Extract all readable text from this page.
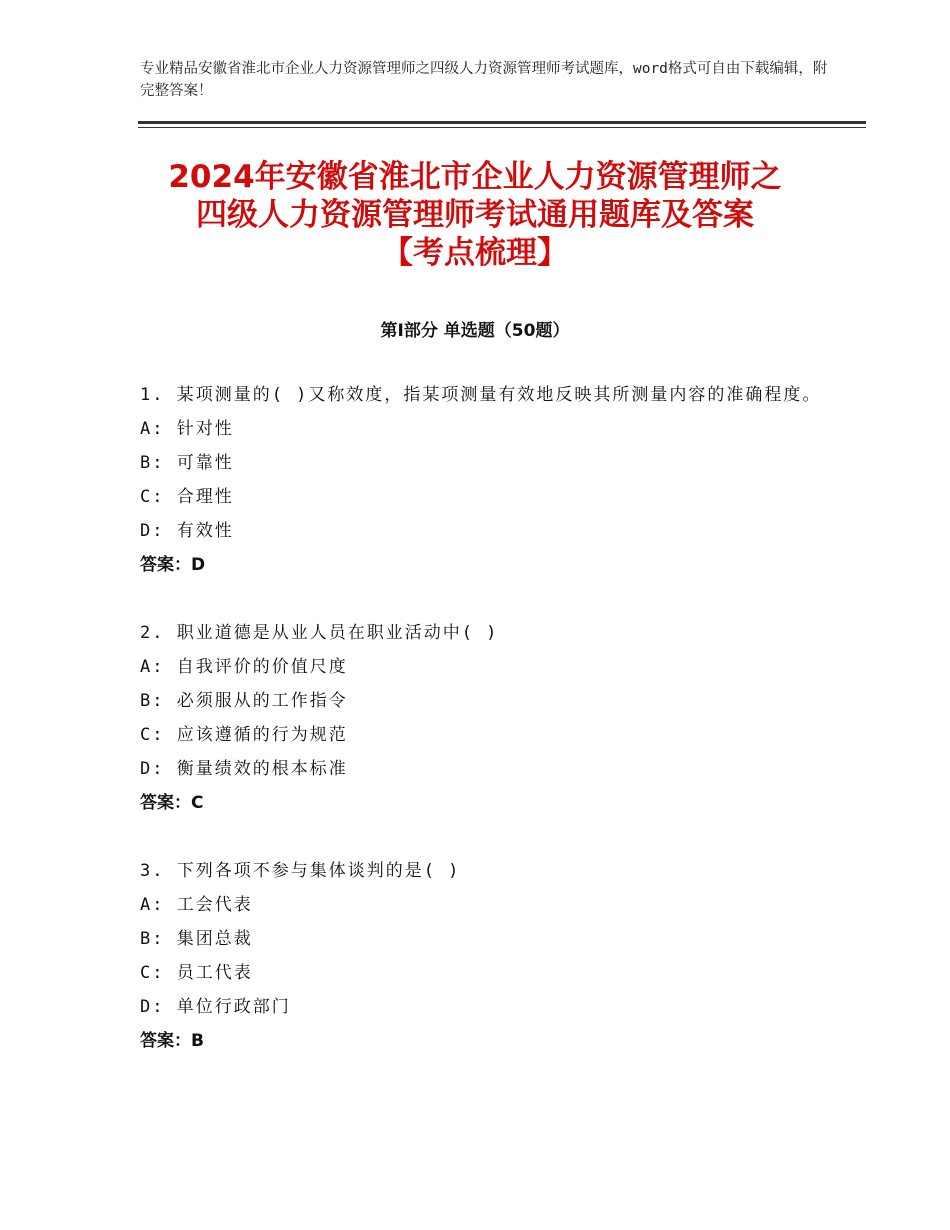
专业精品安徽省淮北市企业人力资源管理师之四级人力资源管理师考试题库，word格式可自由下载编辑，附完整答案！
2024年安徽省淮北市企业人力资源管理师之
四级人力资源管理师考试通用题库及答案
【考点梳理】
第Ⅰ部分 单选题（50题）
1. 某项测量的( )又称效度，指某项测量有效地反映其所测量内容的准确程度。
A: 针对性
B: 可靠性
C: 合理性
D: 有效性
答案：D
2. 职业道德是从业人员在职业活动中( )
A: 自我评价的价值尺度
B: 必须服从的工作指令
C: 应该遵循的行为规范
D: 衡量绩效的根本标准
答案：C
3. 下列各项不参与集体谈判的是( )
A: 工会代表
B: 集团总裁
C: 员工代表
D: 单位行政部门
答案：B
